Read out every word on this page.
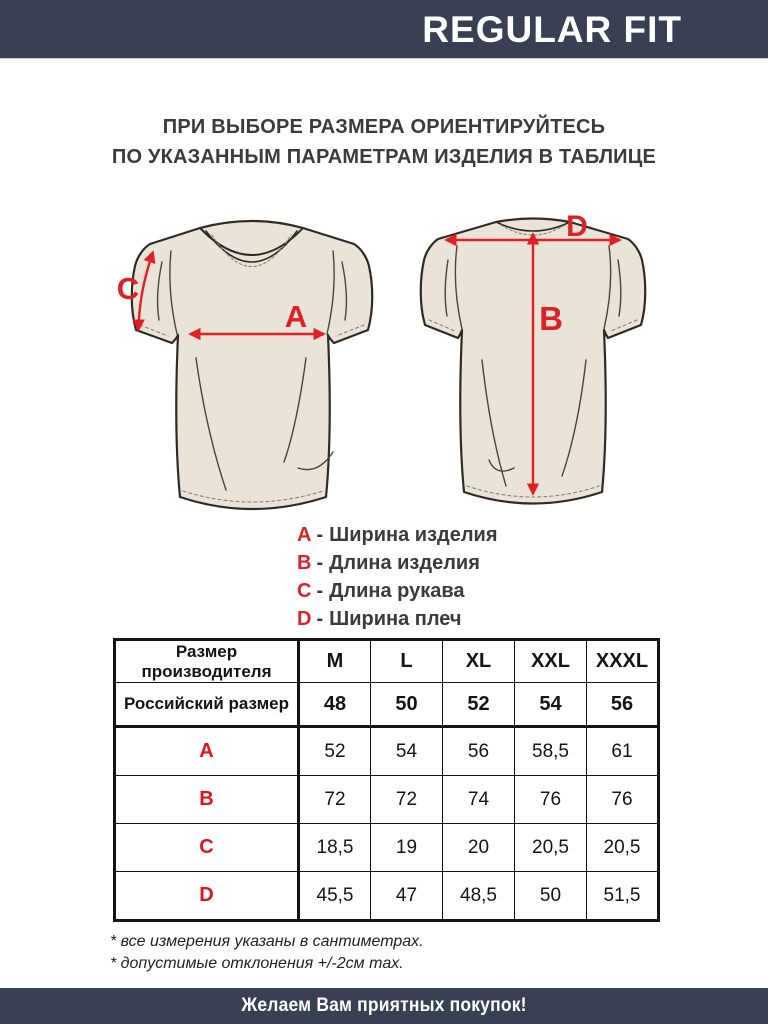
REGULAR FIT
ПРИ ВЫБОРЕ РАЗМЕРА ОРИЕНТИРУЙТЕСЬ
ПО УКАЗАННЫМ ПАРАМЕТРАМ ИЗДЕЛИЯ В ТАБЛИЦЕ
A
C
D
B
A - Ширина изделия
B - Длина изделия
C - Длина рукава
D - Ширина плеч
Размер производителя	M	L	XL	XXL	XXXL
Российский размер	48	50	52	54	56
A	52	54	56	58,5	61
B	72	72	74	76	76
C	18,5	19	20	20,5	20,5
D	45,5	47	48,5	50	51,5
* все измерения указаны в сантиметрах.
* допустимые отклонения +/-2см max.
Желаем Вам приятных покупок!
